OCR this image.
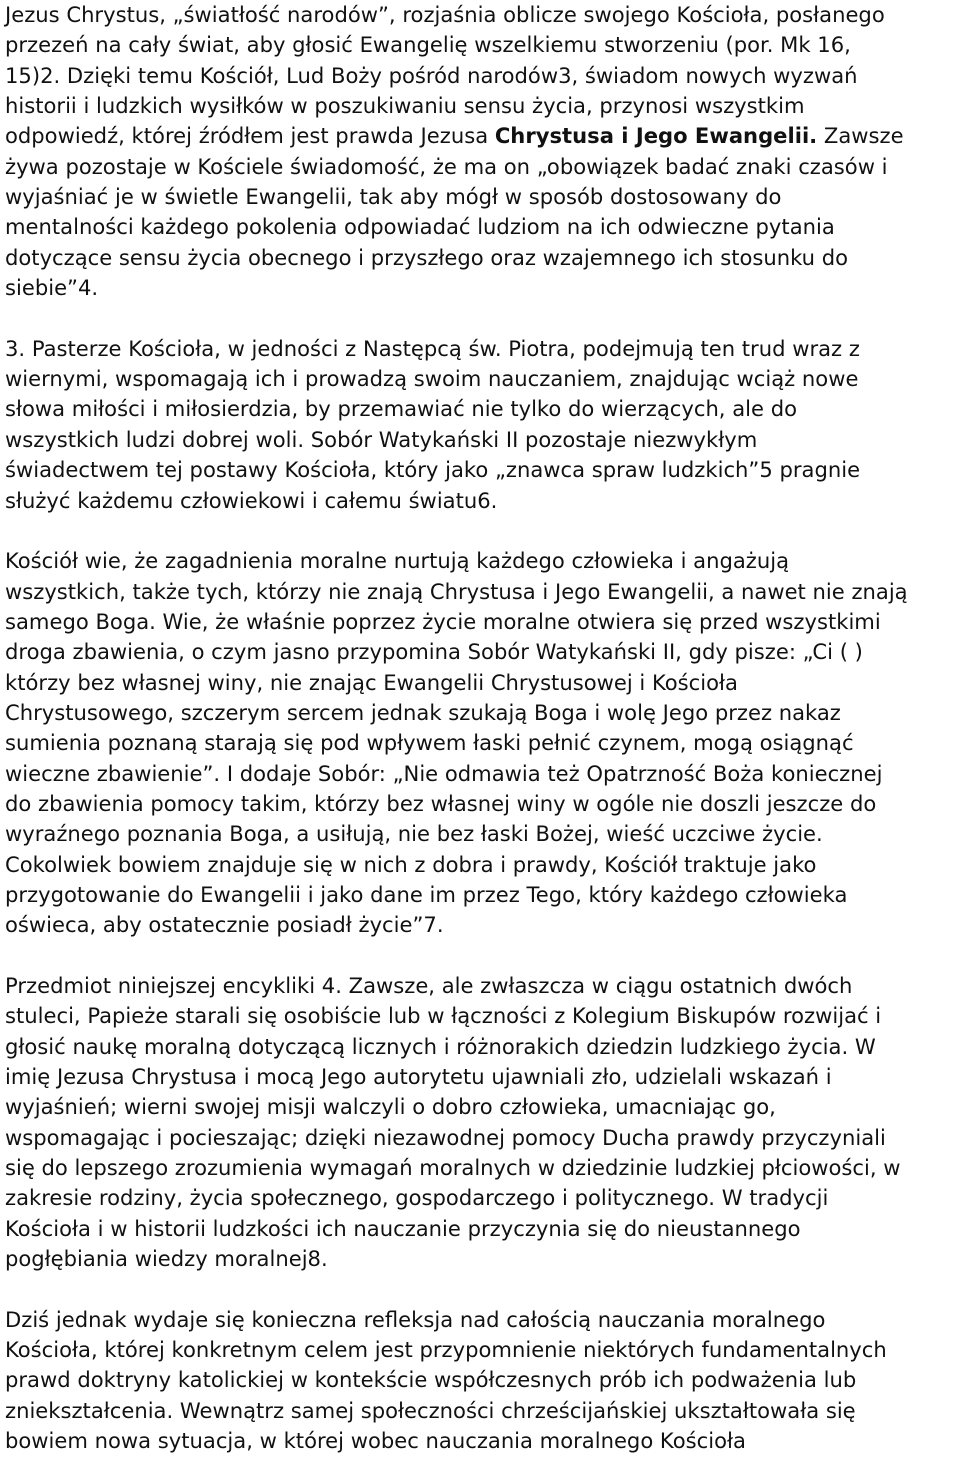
Jezus Chrystus, „światłość narodów”, rozjaśnia oblicze swojego Kościoła, posłanego
przezeń na cały świat, aby głosić Ewangelię wszelkiemu stworzeniu (por. Mk 16,
15)2. Dzięki temu Kościół, Lud Boży pośród narodów3, świadom nowych wyzwań
historii i ludzkich wysiłków w poszukiwaniu sensu życia, przynosi wszystkim
odpowiedź, której źródłem jest prawda Jezusa Chrystusa i Jego Ewangelii. Zawsze
żywa pozostaje w Kościele świadomość, że ma on „obowiązek badać znaki czasów i
wyjaśniać je w świetle Ewangelii, tak aby mógł w sposób dostosowany do
mentalności każdego pokolenia odpowiadać ludziom na ich odwieczne pytania
dotyczące sensu życia obecnego i przyszłego oraz wzajemnego ich stosunku do
siebie”4.
3. Pasterze Kościoła, w jedności z Następcą św. Piotra, podejmują ten trud wraz z
wiernymi, wspomagają ich i prowadzą swoim nauczaniem, znajdując wciąż nowe
słowa miłości i miłosierdzia, by przemawiać nie tylko do wierzących, ale do
wszystkich ludzi dobrej woli. Sobór Watykański II pozostaje niezwykłym
świadectwem tej postawy Kościoła, który jako „znawca spraw ludzkich”5 pragnie
służyć każdemu człowiekowi i całemu światu6.
Kościół wie, że zagadnienia moralne nurtują każdego człowieka i angażują
wszystkich, także tych, którzy nie znają Chrystusa i Jego Ewangelii, a nawet nie znają
samego Boga. Wie, że właśnie poprzez życie moralne otwiera się przed wszystkimi
droga zbawienia, o czym jasno przypomina Sobór Watykański II, gdy pisze: „Ci ( )
którzy bez własnej winy, nie znając Ewangelii Chrystusowej i Kościoła
Chrystusowego, szczerym sercem jednak szukają Boga i wolę Jego przez nakaz
sumienia poznaną starają się pod wpływem łaski pełnić czynem, mogą osiągnąć
wieczne zbawienie”. I dodaje Sobór: „Nie odmawia też Opatrzność Boża koniecznej
do zbawienia pomocy takim, którzy bez własnej winy w ogóle nie doszli jeszcze do
wyraźnego poznania Boga, a usiłują, nie bez łaski Bożej, wieść uczciwe życie.
Cokolwiek bowiem znajduje się w nich z dobra i prawdy, Kościół traktuje jako
przygotowanie do Ewangelii i jako dane im przez Tego, który każdego człowieka
oświeca, aby ostatecznie posiadł życie”7.
Przedmiot niniejszej encykliki 4. Zawsze, ale zwłaszcza w ciągu ostatnich dwóch
stuleci, Papieże starali się osobiście lub w łączności z Kolegium Biskupów rozwijać i
głosić naukę moralną dotyczącą licznych i różnorakich dziedzin ludzkiego życia. W
imię Jezusa Chrystusa i mocą Jego autorytetu ujawniali zło, udzielali wskazań i
wyjaśnień; wierni swojej misji walczyli o dobro człowieka, umacniając go,
wspomagając i pocieszając; dzięki niezawodnej pomocy Ducha prawdy przyczyniali
się do lepszego zrozumienia wymagań moralnych w dziedzinie ludzkiej płciowości, w
zakresie rodziny, życia społecznego, gospodarczego i politycznego. W tradycji
Kościoła i w historii ludzkości ich nauczanie przyczynia się do nieustannego
pogłębiania wiedzy moralnej8.
Dziś jednak wydaje się konieczna refleksja nad całością nauczania moralnego
Kościoła, której konkretnym celem jest przypomnienie niektórych fundamentalnych
prawd doktryny katolickiej w kontekście współczesnych prób ich podważenia lub
zniekształcenia. Wewnątrz samej społeczności chrześcijańskiej ukształtowała się
bowiem nowa sytuacja, w której wobec nauczania moralnego Kościoła
